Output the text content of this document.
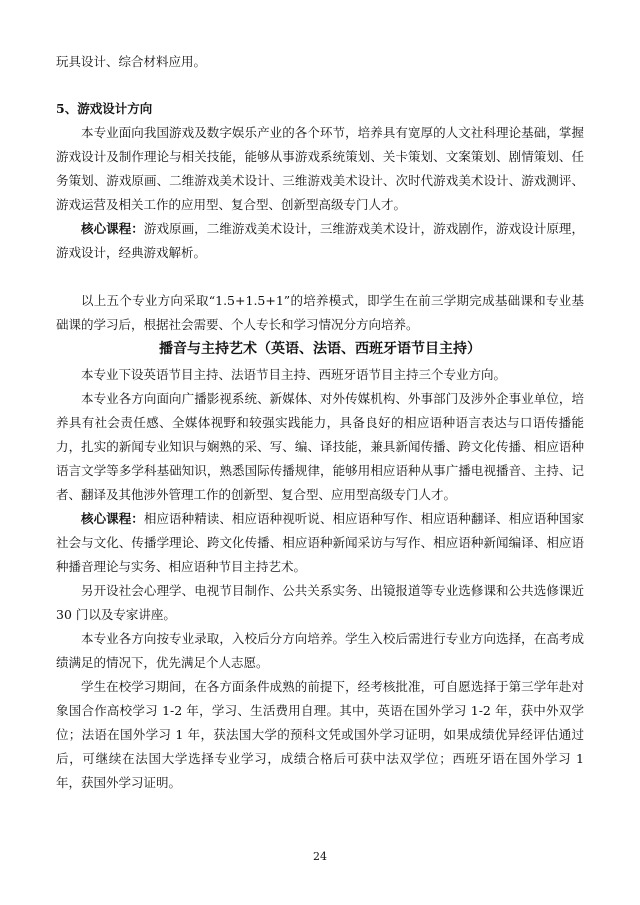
玩具设计、综合材料应用。

5、游戏设计方向

本专业面向我国游戏及数字娱乐产业的各个环节，培养具有宽厚的人文社科理论基础，掌握游戏设计及制作理论与相关技能，能够从事游戏系统策划、关卡策划、文案策划、剧情策划、任务策划、游戏原画、二维游戏美术设计、三维游戏美术设计、次时代游戏美术设计、游戏测评、游戏运营及相关工作的应用型、复合型、创新型高级专门人才。

核心课程：游戏原画，二维游戏美术设计，三维游戏美术设计，游戏剧作，游戏设计原理，游戏设计，经典游戏解析。

以上五个专业方向采取“1.5+1.5+1”的培养模式，即学生在前三学期完成基础课和专业基础课的学习后，根据社会需要、个人专长和学习情况分方向培养。

播音与主持艺术（英语、法语、西班牙语节目主持）

本专业下设英语节目主持、法语节目主持、西班牙语节目主持三个专业方向。

本专业各方向面向广播影视系统、新媒体、对外传媒机构、外事部门及涉外企事业单位，培养具有社会责任感、全媒体视野和较强实践能力，具备良好的相应语种语言表达与口语传播能力，扎实的新闻专业知识与娴熟的采、写、编、译技能，兼具新闻传播、跨文化传播、相应语种语言文学等多学科基础知识，熟悉国际传播规律，能够用相应语种从事广播电视播音、主持、记者、翻译及其他涉外管理工作的创新型、复合型、应用型高级专门人才。

核心课程：相应语种精读、相应语种视听说、相应语种写作、相应语种翻译、相应语种国家社会与文化、传播学理论、跨文化传播、相应语种新闻采访与写作、相应语种新闻编译、相应语种播音理论与实务、相应语种节目主持艺术。

另开设社会心理学、电视节目制作、公共关系实务、出镜报道等专业选修课和公共选修课近 30 门以及专家讲座。

本专业各方向按专业录取，入校后分方向培养。学生入校后需进行专业方向选择，在高考成绩满足的情况下，优先满足个人志愿。

学生在校学习期间，在各方面条件成熟的前提下，经考核批准，可自愿选择于第三学年赴对象国合作高校学习 1-2 年，学习、生活费用自理。其中，英语在国外学习 1-2 年，获中外双学位；法语在国外学习 1 年，获法国大学的预科文凭或国外学习证明，如果成绩优异经评估通过后，可继续在法国大学选择专业学习，成绩合格后可获中法双学位；西班牙语在国外学习 1 年，获国外学习证明。

24
